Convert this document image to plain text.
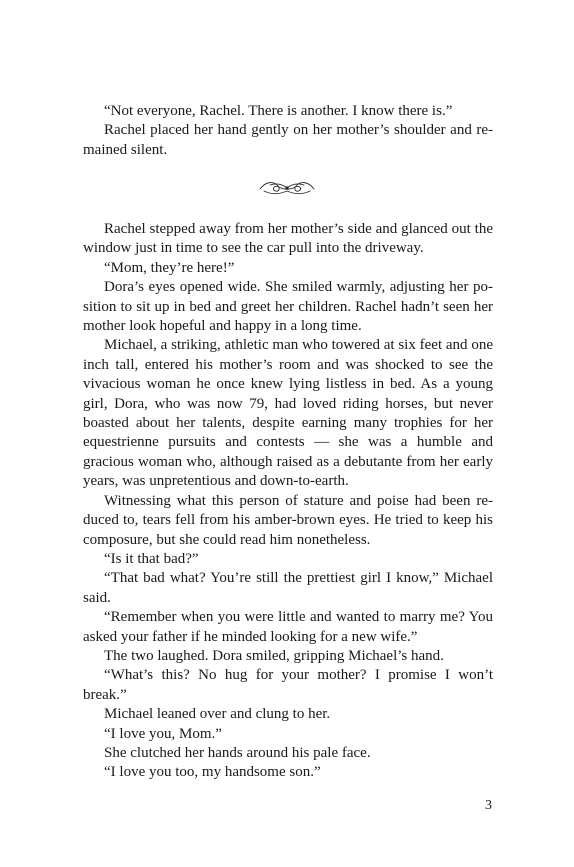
“Not everyone, Rachel. There is another. I know there is.”

Rachel placed her hand gently on her mother’s shoulder and remained silent.

Rachel stepped away from her mother’s side and glanced out the window just in time to see the car pull into the driveway.

“Mom, they’re here!”

Dora’s eyes opened wide. She smiled warmly, adjusting her position to sit up in bed and greet her children. Rachel hadn’t seen her mother look hopeful and happy in a long time.

Michael, a striking, athletic man who towered at six feet and one inch tall, entered his mother’s room and was shocked to see the vivacious woman he once knew lying listless in bed. As a young girl, Dora, who was now 79, had loved riding horses, but never boasted about her talents, despite earning many trophies for her equestrienne pursuits and contests — she was a humble and gracious woman who, although raised as a debutante from her early years, was unpretentious and down-to-earth.

Witnessing what this person of stature and poise had been reduced to, tears fell from his amber-brown eyes. He tried to keep his composure, but she could read him nonetheless.

“Is it that bad?”

“That bad what? You’re still the prettiest girl I know,” Michael said.

“Remember when you were little and wanted to marry me? You asked your father if he minded looking for a new wife.”

The two laughed. Dora smiled, gripping Michael’s hand.

“What’s this? No hug for your mother? I promise I won’t break.”

Michael leaned over and clung to her.

“I love you, Mom.”

She clutched her hands around his pale face.

“I love you too, my handsome son.”

3
